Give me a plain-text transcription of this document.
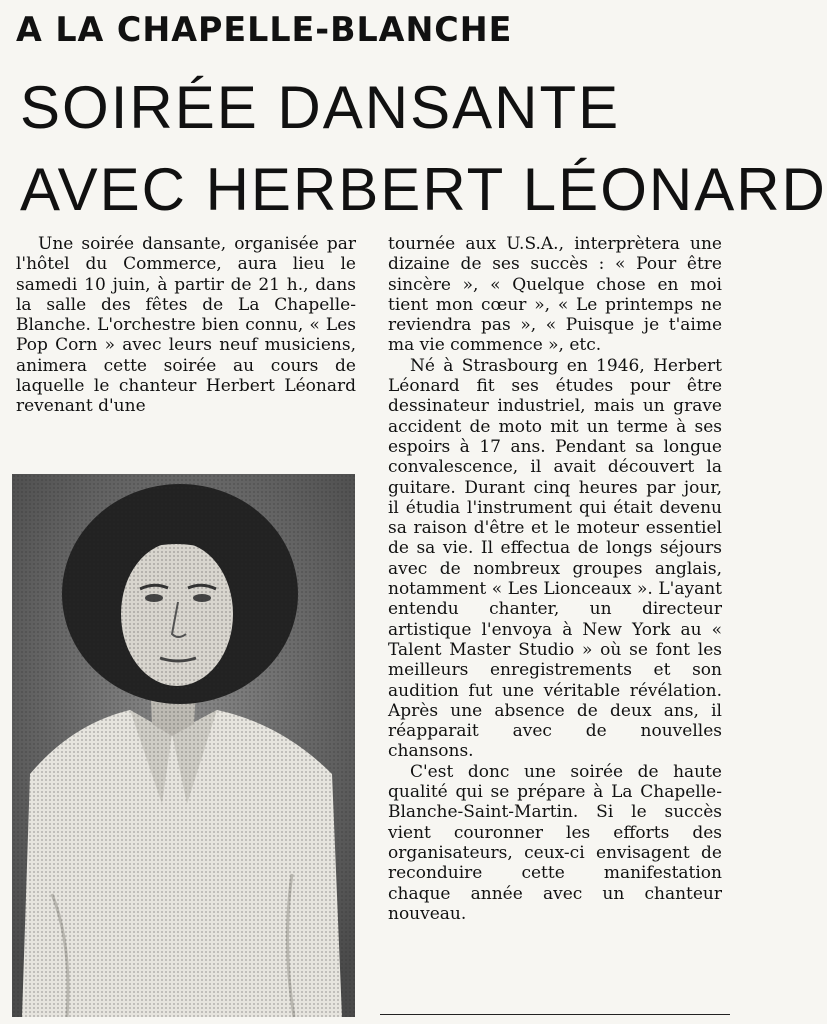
A LA CHAPELLE-BLANCHE
SOIRÉE DANSANTE
AVEC HERBERT LÉONARD

Une soirée dansante, organisée par l'hôtel du Commerce, aura lieu le samedi 10 juin, à partir de 21 h., dans la salle des fêtes de La Chapelle-Blanche. L'orchestre bien connu, « Les Pop Corn » avec leurs neuf musiciens, animera cette soirée au cours de laquelle le chanteur Herbert Léonard revenant d'une

tournée aux U.S.A., interprètera une dizaine de ses succès : « Pour être sincère », « Quelque chose en moi tient mon cœur », « Le printemps ne reviendra pas », « Puisque je t'aime ma vie commence », etc.

Né à Strasbourg en 1946, Herbert Léonard fit ses études pour être dessinateur industriel, mais un grave accident de moto mit un terme à ses espoirs à 17 ans. Pendant sa longue convalescence, il avait découvert la guitare. Durant cinq heures par jour, il étudia l'instrument qui était devenu sa raison d'être et le moteur essentiel de sa vie. Il effectua de longs séjours avec de nombreux groupes anglais, notamment « Les Lionceaux ». L'ayant entendu chanter, un directeur artistique l'envoya à New York au « Talent Master Studio » où se font les meilleurs enregistrements et son audition fut une véritable révélation. Après une absence de deux ans, il réapparait avec de nouvelles chansons.

C'est donc une soirée de haute qualité qui se prépare à La Chapelle-Blanche-Saint-Martin. Si le succès vient couronner les efforts des organisateurs, ceux-ci envisagent de reconduire cette manifestation chaque année avec un chanteur nouveau.
